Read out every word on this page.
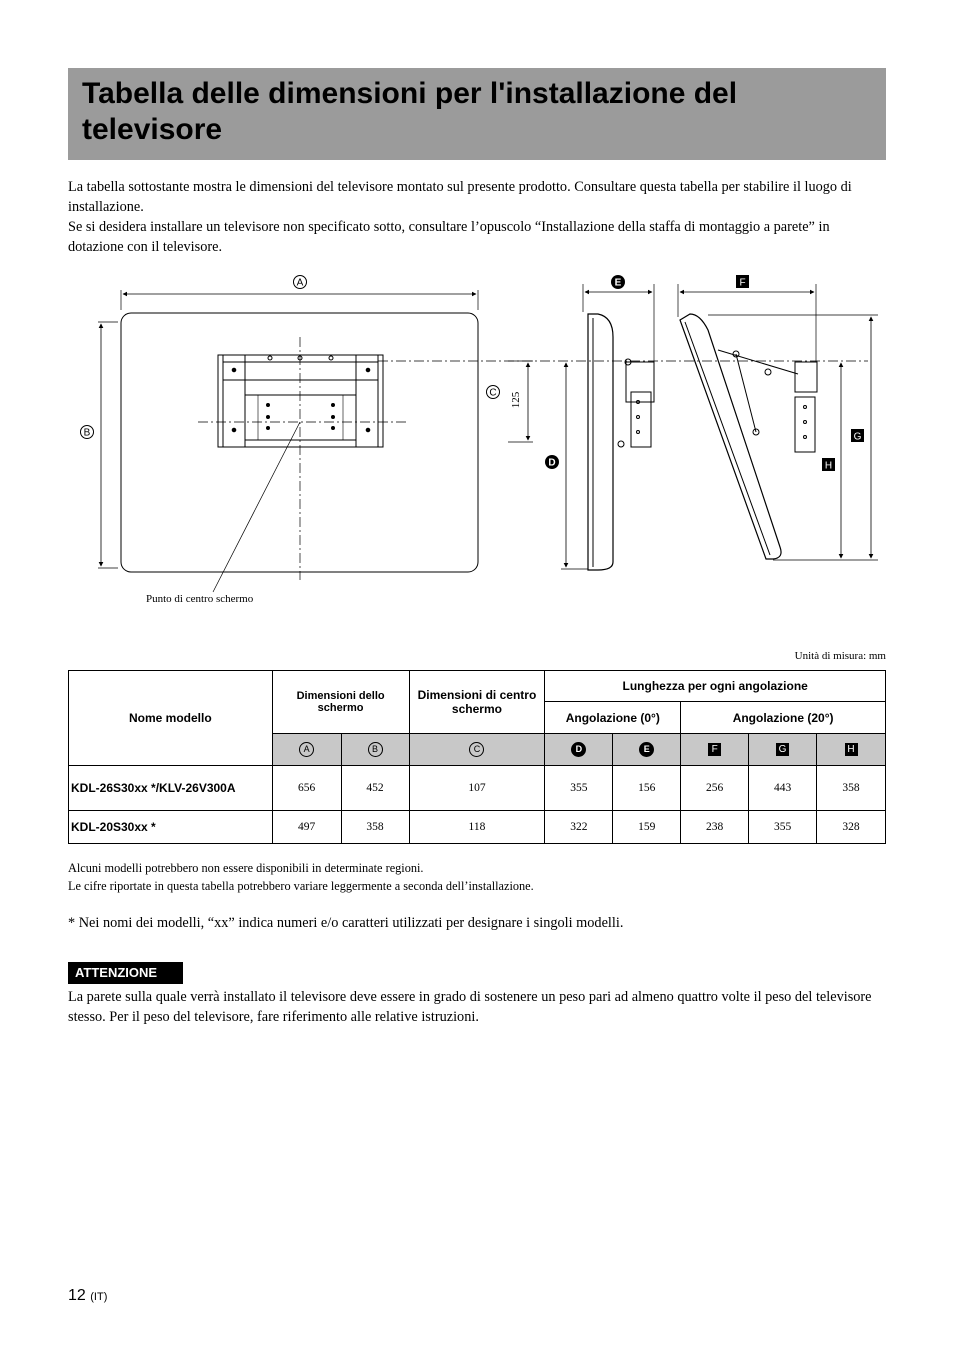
Tabella delle dimensioni per l'installazione del televisore

La tabella sottostante mostra le dimensioni del televisore montato sul presente prodotto. Consultare questa tabella per stabilire il luogo di installazione.

Se si desidera installare un televisore non specificato sotto, consultare l’opuscolo “Installazione della staffa di montaggio a parete” in dotazione con il televisore.

A
B
C
D
E	F
G
H
125
Punto di centro schermo
Unità di misura: mm
Nome modello	Dimensioni dello schermo		Dimensioni di centro schermo	Lunghezza per ogni angolazione				
				Angolazione (0°)		Angolazione (20°)		
	A	B	C	D	E	F	G	H
KDL-26S30xx */KLV-26V300A	656	452	107	355	156	256	443	358
KDL-20S30xx *	497	358	118	322	159	238	355	328

Alcuni modelli potrebbero non essere disponibili in determinate regioni.

Le cifre riportate in questa tabella potrebbero variare leggermente a seconda dell’installazione.

* Nei nomi dei modelli, “xx” indica numeri e/o caratteri utilizzati per designare i singoli modelli.
ATTENZIONE
La parete sulla quale verrà installato il televisore deve essere in grado di sostenere un peso pari ad almeno quattro volte il peso del televisore stesso. Per il peso del televisore, fare riferimento alle relative istruzioni.
12 (IT)
